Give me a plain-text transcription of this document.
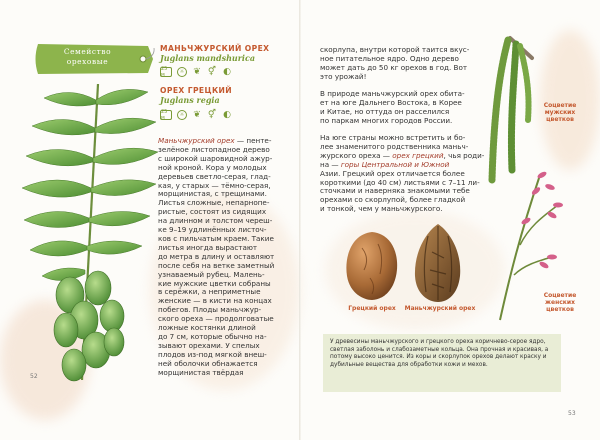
Семейство
ореховые
МАНЬЧЖУРСКИЙ ОРЕХ
Juglans mandshurica
25 м	☼ ❦ ⚥ ◐
ОРЕХ ГРЕЦКИЙ
Juglans regia
25 м	☼ ❦ ⚥ ◐
Маньчжурский орех — пенте-
зелёное листопадное дерево
с широкой шаровидной ажур-
ной кроной. Кора у молодых
деревьев светло-серая, глад-
кая, у старых — тёмно-серая,
морщинистая, с трещинами.
Листья сложные, непарнопе-
ристые, состоят из сидящих
на длинном и толстом череш-
ке 9–19 удлинённых листоч-
ков с пильчатым краем. Такие
листья иногда вырастают
до метра в длину и оставляют
после себя на ветке заметный
узнаваемый рубец. Малень-
кие мужские цветки собраны
в серёжки, а неприметные
женские — в кисти на концах
побегов. Плоды маньчжур-
ского ореха — продолговатые
ложные костянки длиной
до 7 см, которые обычно на-
зывают орехами. У спелых
плодов из-под мягкой внеш-
ней оболочки обнажается
морщинистая твёрдая
52
скорлупа, внутри которой таится вкус-
ное питательное ядро. Одно дерево
может дать до 50 кг орехов в год. Вот
это урожай!
В природе маньчжурский орех обита-
ет на юге Дальнего Востока, в Корее
и Китае, но оттуда он расселился
по паркам многих городов России.
На юге страны можно встретить и бо-
лее знаменитого родственника маньч-
журского ореха — орех грецкий, чья роди-
на — горы Центральной и Южной
Азии. Грецкий орех отличается более
короткими (до 40 см) листьями с 7–11 ли-
сточками и наверняка знакомыми тебе
орехами со скорлупой, более гладкой
и тонкой, чем у маньчжурского.
Соцветие
мужских
цветков
Соцветие
женских
цветков
Грецкий орех	Маньчжурский орех
У древесины маньчжурского и грецкого ореха коричнево-серое ядро, светлая заболонь и слабозаметные кольца. Она прочная и красивая, а потому высоко ценится. Из коры и скорлупок орехов делают краску и дубильные вещества для обработки кожи и мехов.
53
